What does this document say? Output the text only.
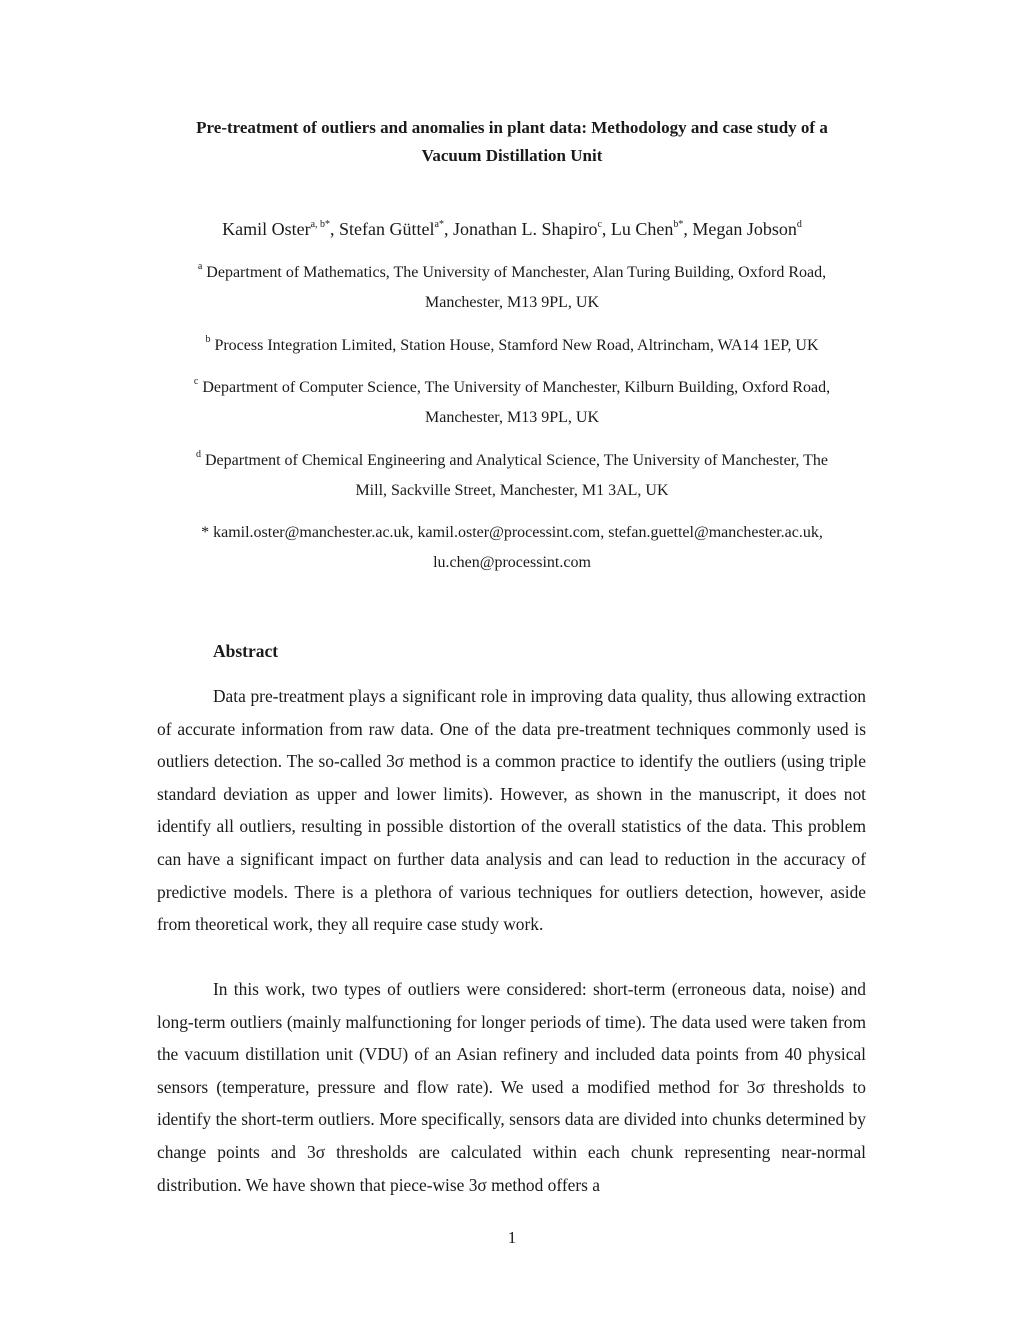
Pre-treatment of outliers and anomalies in plant data: Methodology and case study of a
Vacuum Distillation Unit
Kamil Oster$^{a, b*}$, Stefan Güttel$^{a*}$, Jonathan L. Shapiro$^c$, Lu Chen$^{b*}$, Megan Jobson$^d$
$^a$ Department of Mathematics, The University of Manchester, Alan Turing Building, Oxford Road,
Manchester, M13 9PL, UK
$^b$ Process Integration Limited, Station House, Stamford New Road, Altrincham, WA14 1EP, UK
$^c$ Department of Computer Science, The University of Manchester, Kilburn Building, Oxford Road,
Manchester, M13 9PL, UK
$^d$ Department of Chemical Engineering and Analytical Science, The University of Manchester, The
Mill, Sackville Street, Manchester, M1 3AL, UK
* kamil.oster@manchester.ac.uk, kamil.oster@processint.com, stefan.guettel@manchester.ac.uk,
lu.chen@processint.com
Abstract

Data pre-treatment plays a significant role in improving data quality, thus allowing extraction of accurate information from raw data. One of the data pre-treatment techniques commonly used is outliers detection. The so-called 3σ method is a common practice to identify the outliers (using triple standard deviation as upper and lower limits). However, as shown in the manuscript, it does not identify all outliers, resulting in possible distortion of the overall statistics of the data. This problem can have a significant impact on further data analysis and can lead to reduction in the accuracy of predictive models. There is a plethora of various techniques for outliers detection, however, aside from theoretical work, they all require case study work.

In this work, two types of outliers were considered: short-term (erroneous data, noise) and long-term outliers (mainly malfunctioning for longer periods of time). The data used were taken from the vacuum distillation unit (VDU) of an Asian refinery and included data points from 40 physical sensors (temperature, pressure and flow rate). We used a modified method for 3σ thresholds to identify the short-term outliers. More specifically, sensors data are divided into chunks determined by change points and 3σ thresholds are calculated within each chunk representing near-normal distribution. We have shown that piece-wise 3σ method offers a

1
